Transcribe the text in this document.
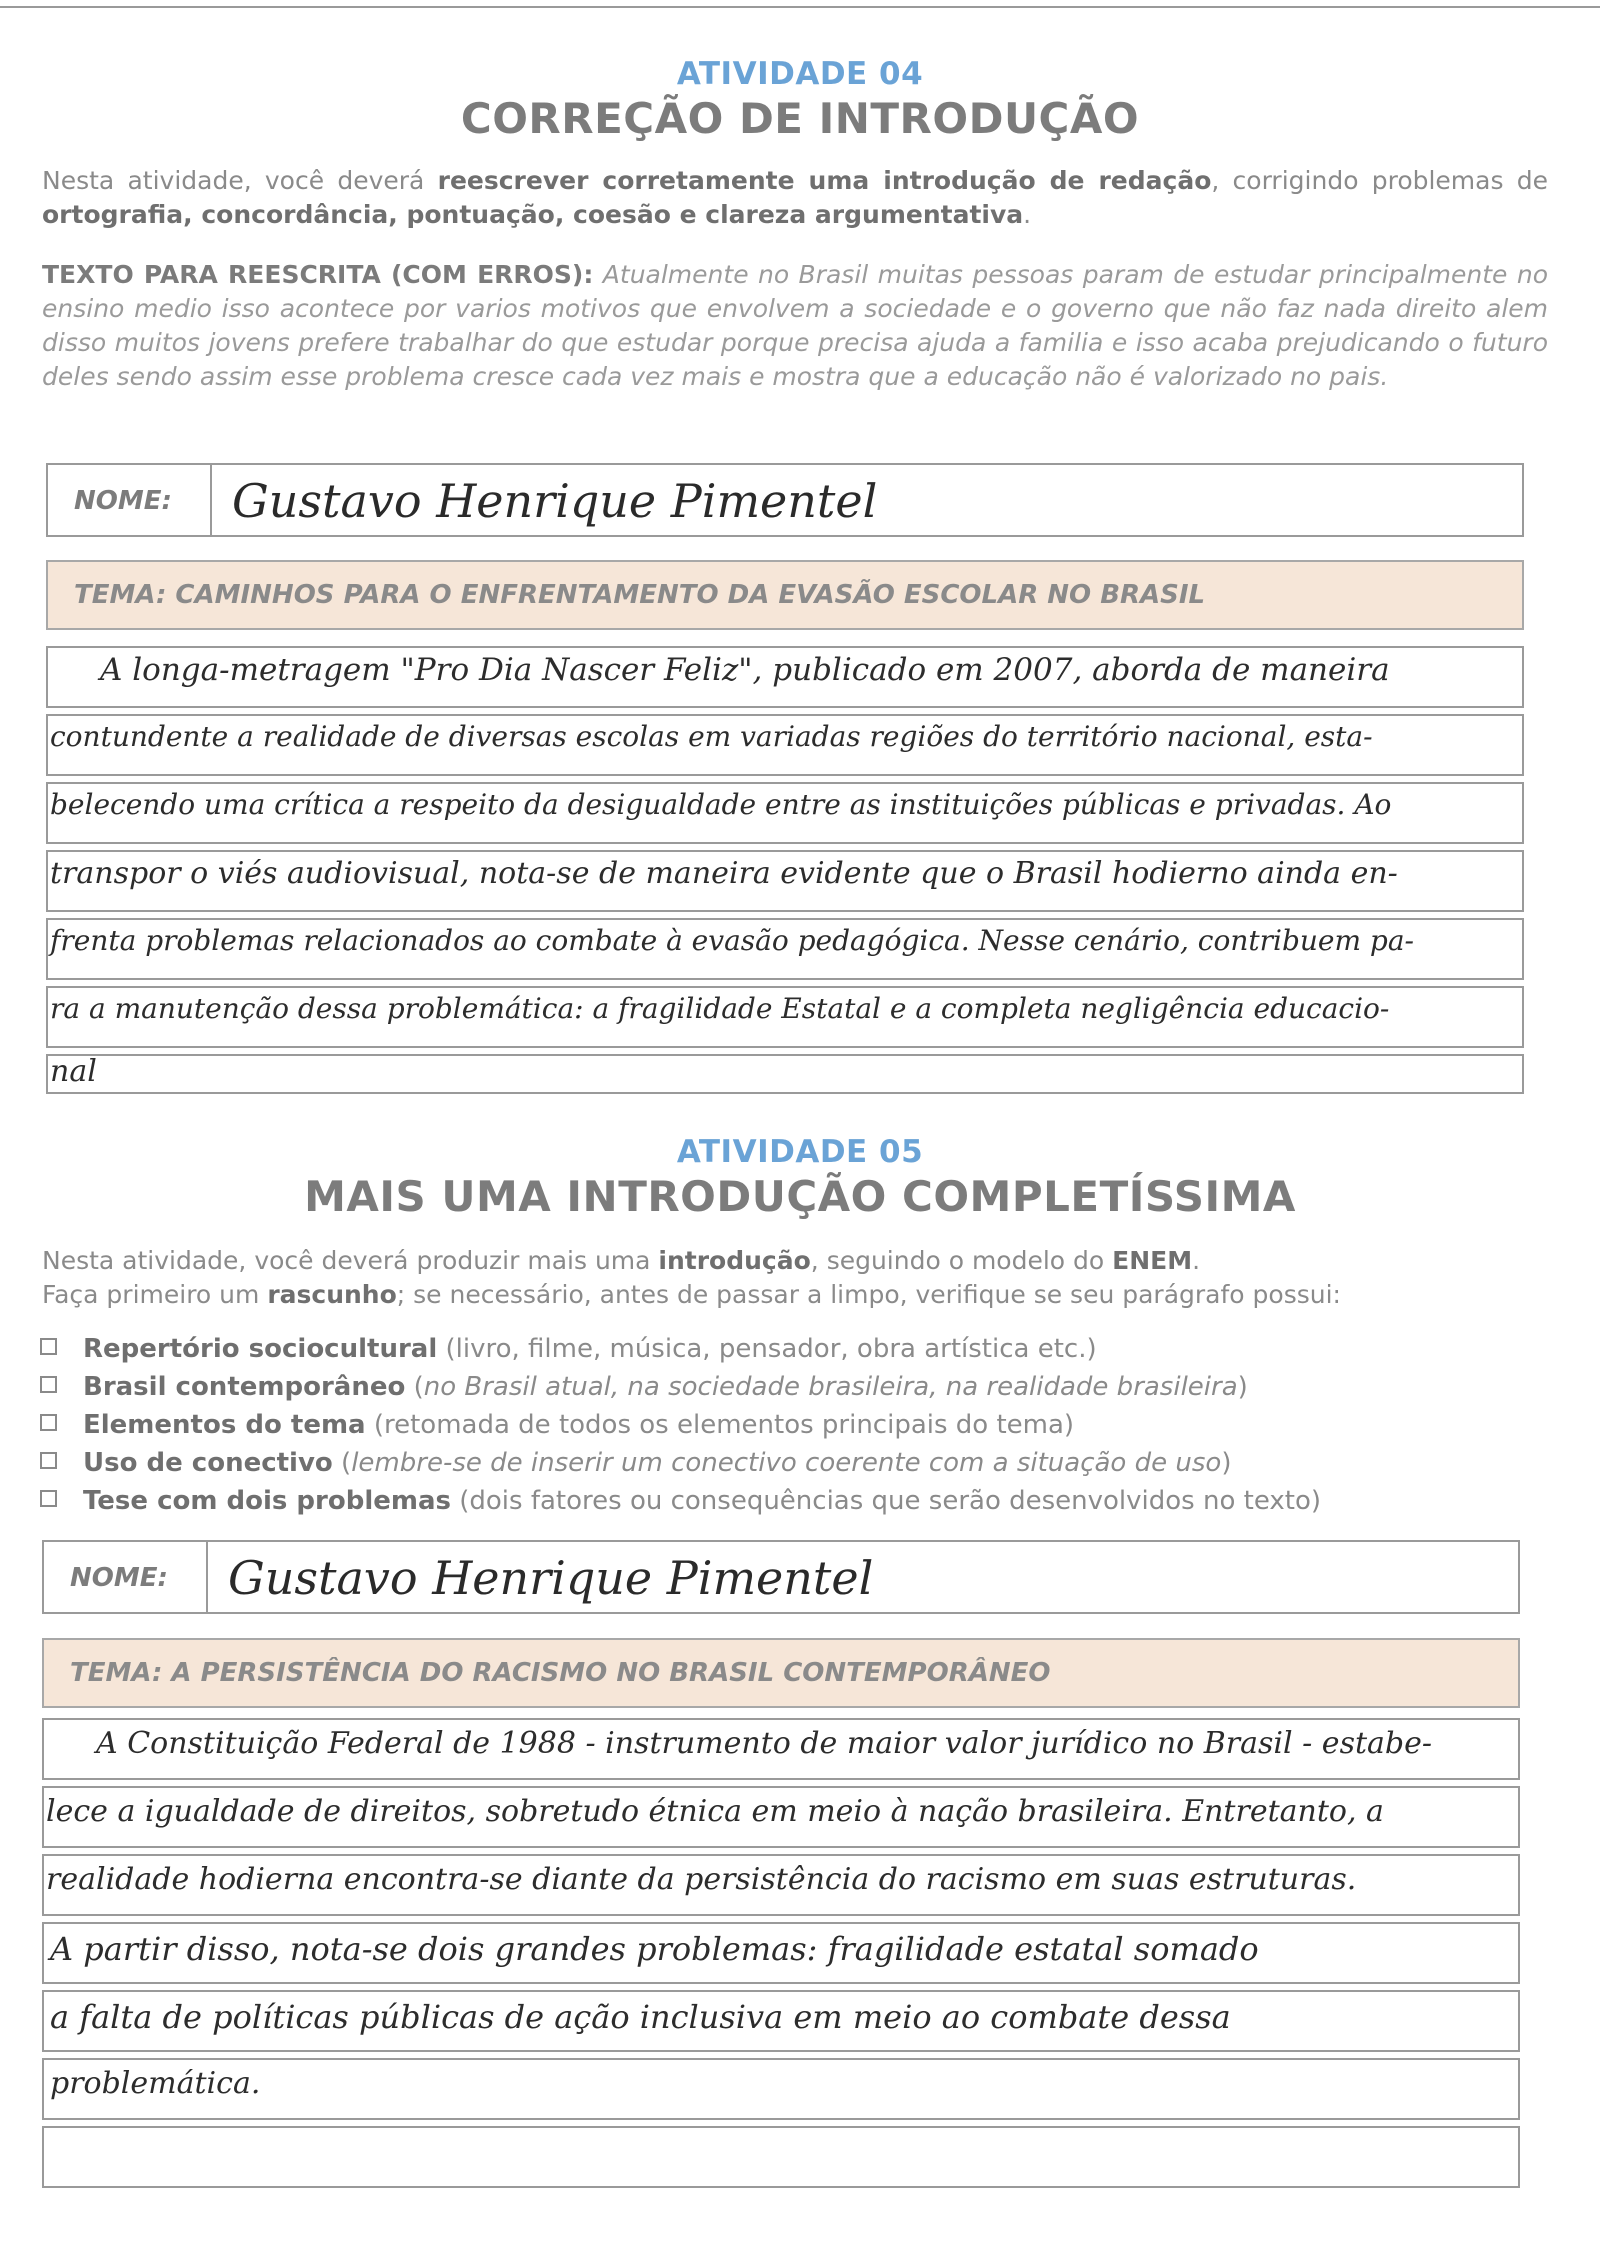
ATIVIDADE 04
CORREÇÃO DE INTRODUÇÃO
Nesta atividade, você deverá reescrever corretamente uma introdução de redação, corrigindo problemas de ortografia, concordância, pontuação, coesão e clareza argumentativa.
TEXTO PARA REESCRITA (COM ERROS): Atualmente no Brasil muitas pessoas param de estudar principalmente no ensino medio isso acontece por varios motivos que envolvem a sociedade e o governo que não faz nada direito alem disso muitos jovens prefere trabalhar do que estudar porque precisa ajuda a familia e isso acaba prejudicando o futuro deles sendo assim esse problema cresce cada vez mais e mostra que a educação não é valorizado no pais.
NOME: Gustavo Henrique Pimentel
TEMA: CAMINHOS PARA O ENFRENTAMENTO DA EVASÃO ESCOLAR NO BRASIL
A longa-metragem "Pro Dia Nascer Feliz", publicado em 2007, aborda de maneira
contundente a realidade de diversas escolas em variadas regiões do território nacional, esta-
belecendo uma crítica a respeito da desigualdade entre as instituições públicas e privadas. Ao
transpor o viés audiovisual, nota-se de maneira evidente que o Brasil hodierno ainda en-
frenta problemas relacionados ao combate à evasão pedagógica. Nesse cenário, contribuem pa-
ra a manutenção dessa problemática: a fragilidade Estatal e a completa negligência educacio-
nal
ATIVIDADE 05
MAIS UMA INTRODUÇÃO COMPLETÍSSIMA
Nesta atividade, você deverá produzir mais uma introdução, seguindo o modelo do ENEM.
Faça primeiro um rascunho; se necessário, antes de passar a limpo, verifique se seu parágrafo possui:
Repertório sociocultural (livro, filme, música, pensador, obra artística etc.)
Brasil contemporâneo (no Brasil atual, na sociedade brasileira, na realidade brasileira)
Elementos do tema (retomada de todos os elementos principais do tema)
Uso de conectivo (lembre-se de inserir um conectivo coerente com a situação de uso)
Tese com dois problemas (dois fatores ou consequências que serão desenvolvidos no texto)
NOME: Gustavo Henrique Pimentel
TEMA: A PERSISTÊNCIA DO RACISMO NO BRASIL CONTEMPORÂNEO
A Constituição Federal de 1988 - instrumento de maior valor jurídico no Brasil - estabe-
lece a igualdade de direitos, sobretudo étnica em meio à nação brasileira. Entretanto, a
realidade hodierna encontra-se diante da persistência do racismo em suas estruturas.
A partir disso, nota-se dois grandes problemas: fragilidade estatal somado
a falta de políticas públicas de ação inclusiva em meio ao combate dessa
problemática.
